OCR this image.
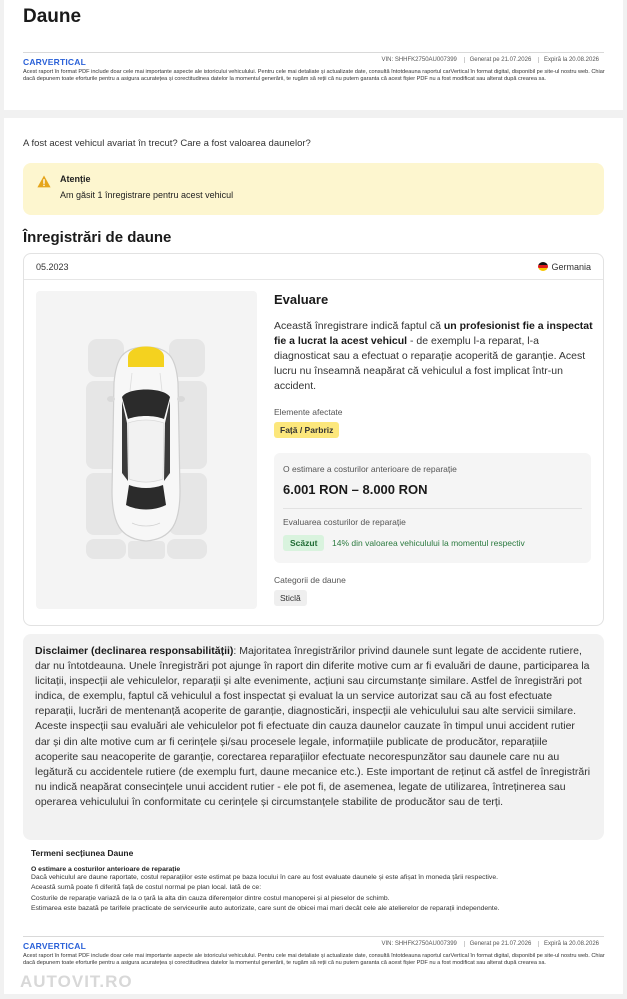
Daune
CARVERTICAL	VIN: SHHFK2750AU007399 Generat pe 21.07.2026 Expiră la 20.08.2026
Acest raport în format PDF include doar cele mai importante aspecte ale istoricului vehiculului. Pentru cele mai detaliate și actualizate date, consultă întotdeauna raportul carVertical în format digital, disponibil pe site-ul nostru web. Chiar dacă depunem toate eforturile pentru a asigura acuratețea și corectitudinea datelor la momentul generării, te rugăm să reții că nu putem garanta că acest fișier PDF nu a fost modificat sau alterat după crearea sa.
A fost acest vehicul avariat în trecut? Care a fost valoarea daunelor?
Atenție
Am găsit 1 înregistrare pentru acest vehicul
Înregistrări de daune
05.2023	Germania
Evaluare
Această înregistrare indică faptul că un profesionist fie a inspectat fie a lucrat la acest vehicul - de exemplu l-a reparat, l-a diagnosticat sau a efectuat o reparație acoperită de garanție. Acest lucru nu înseamnă neapărat că vehiculul a fost implicat într-un accident.
Elemente afectate
Față / Parbriz
O estimare a costurilor anterioare de reparație
6.001 RON – 8.000 RON
Evaluarea costurilor de reparație
Scăzut	14% din valoarea vehiculului la momentul respectiv
Categorii de daune
Sticlă
Disclaimer (declinarea responsabilității): Majoritatea înregistrărilor privind daunele sunt legate de accidente rutiere, dar nu întotdeauna. Unele înregistrări pot ajunge în raport din diferite motive cum ar fi evaluări de daune, participarea la licitații, inspecții ale vehiculelor, reparații și alte evenimente, acțiuni sau circumstanțe similare. Astfel de înregistrări pot indica, de exemplu, faptul că vehiculul a fost inspectat și evaluat la un service autorizat sau că au fost efectuate reparații, lucrări de mentenanță acoperite de garanție, diagnosticări, inspecții ale vehiculului sau alte servicii similare. Aceste inspecții sau evaluări ale vehiculelor pot fi efectuate din cauza daunelor cauzate în timpul unui accident rutier dar și din alte motive cum ar fi cerințele și/sau procesele legale, informațiile publicate de producător, reparațiile acoperite sau neacoperite de garanție, corectarea reparațiilor efectuate necorespunzător sau daunele care nu au legătură cu accidentele rutiere (de exemplu furt, daune mecanice etc.). Este important de reținut că astfel de înregistrări nu indică neapărat consecințele unui accident rutier - ele pot fi, de asemenea, legate de utilizarea, întreținerea sau operarea vehiculului în conformitate cu cerințele și circumstanțele stabilite de producător sau de terți.
Termeni secțiunea Daune
O estimare a costurilor anterioare de reparație
Dacă vehiculul are daune raportate, costul reparațiilor este estimat pe baza locului în care au fost evaluate daunele și este afișat în moneda țării respective.
Această sumă poate fi diferită față de costul normal pe plan local. Iată de ce:
Costurile de reparație variază de la o țară la alta din cauza diferențelor dintre costul manoperei și al pieselor de schimb.
Estimarea este bazată pe tarifele practicate de serviceurile auto autorizate, care sunt de obicei mai mari decât cele ale atelierelor de reparații independente.
CARVERTICAL	VIN: SHHFK2750AU007399 Generat pe 21.07.2026 Expiră la 20.08.2026
Acest raport în format PDF include doar cele mai importante aspecte ale istoricului vehiculului. Pentru cele mai detaliate și actualizate date, consultă întotdeauna raportul carVertical în format digital, disponibil pe site-ul nostru web. Chiar dacă depunem toate eforturile pentru a asigura acuratețea și corectitudinea datelor la momentul generării, te rugăm să reții că nu putem garanta că acest fișier PDF nu a fost modificat sau alterat după crearea sa.
AUTOVIT.RO
